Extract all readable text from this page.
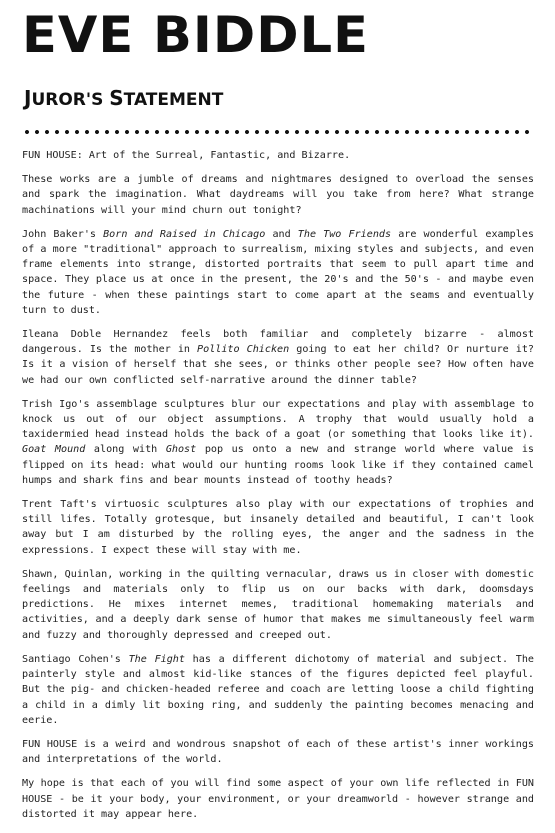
EVE BIDDLE
JUROR'S STATEMENT

FUN HOUSE: Art of the Surreal, Fantastic, and Bizarre.

These works are a jumble of dreams and nightmares designed to overload the senses and spark the imagination. What daydreams will you take from here? What strange machinations will your mind churn out tonight?

John Baker's Born and Raised in Chicago and The Two Friends are wonderful examples of a more "traditional" approach to surrealism, mixing styles and subjects, and even frame elements into strange, distorted portraits that seem to pull apart time and space. They place us at once in the present, the 20's and the 50's - and maybe even the future - when these paintings start to come apart at the seams and eventually turn to dust.

Ileana Doble Hernandez feels both familiar and completely bizarre - almost dangerous. Is the mother in Pollito Chicken going to eat her child? Or nurture it? Is it a vision of herself that she sees, or thinks other people see? How often have we had our own conflicted self-narrative around the dinner table?

Trish Igo's assemblage sculptures blur our expectations and play with assemblage to knock us out of our object assumptions. A trophy that would usually hold a taxidermied head instead holds the back of a goat (or something that looks like it). Goat Mound along with Ghost pop us onto a new and strange world where value is flipped on its head: what would our hunting rooms look like if they contained camel humps and shark fins and bear mounts instead of toothy heads?

Trent Taft's virtuosic sculptures also play with our expectations of trophies and still lifes. Totally grotesque, but insanely detailed and beautiful, I can't look away but I am disturbed by the rolling eyes, the anger and the sadness in the expressions. I expect these will stay with me.

Shawn, Quinlan, working in the quilting vernacular, draws us in closer with domestic feelings and materials only to flip us on our backs with dark, doomsdays predictions. He mixes internet memes, traditional homemaking materials and activities, and a deeply dark sense of humor that makes me simultaneously feel warm and fuzzy and thoroughly depressed and creeped out.

Santiago Cohen's The Fight has a different dichotomy of material and subject. The painterly style and almost kid-like stances of the figures depicted feel playful. But the pig- and chicken-headed referee and coach are letting loose a child fighting a child in a dimly lit boxing ring, and suddenly the painting becomes menacing and eerie.

FUN HOUSE is a weird and wondrous snapshot of each of these artist's inner workings and interpretations of the world.

My hope is that each of you will find some aspect of your own life reflected in FUN HOUSE - be it your body, your environment, or your dreamworld - however strange and distorted it may appear here.
